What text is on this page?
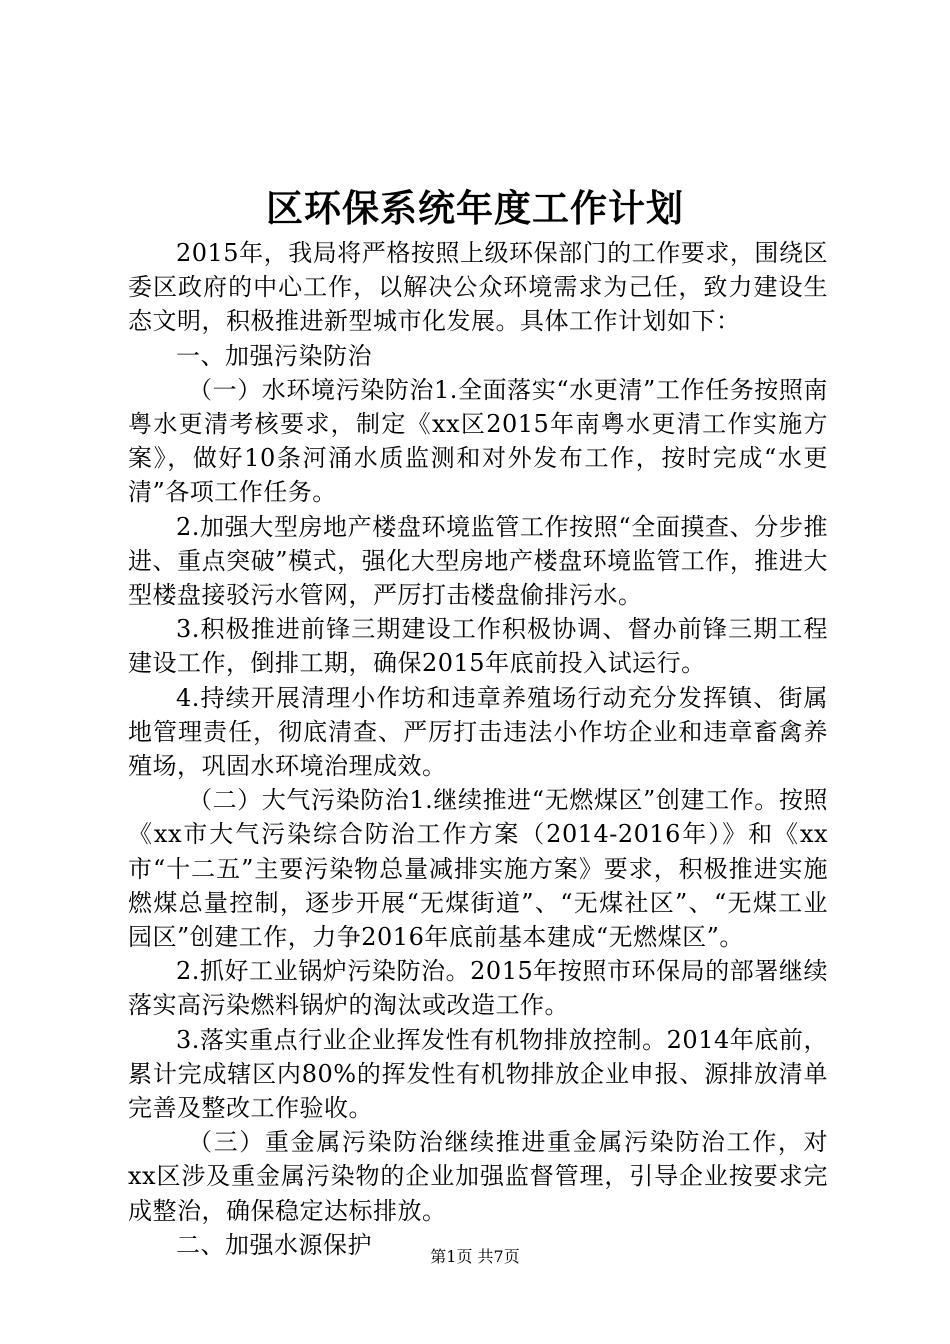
区环保系统年度工作计划

2015年，我局将严格按照上级环保部门的工作要求，围绕区委区政府的中心工作，以解决公众环境需求为己任，致力建设生态文明，积极推进新型城市化发展。具体工作计划如下：

一、加强污染防治

（一）水环境污染防治1.全面落实“水更清”工作任务按照南粤水更清考核要求，制定《xx区2015年南粤水更清工作实施方案》，做好10条河涌水质监测和对外发布工作，按时完成“水更清”各项工作任务。

2.加强大型房地产楼盘环境监管工作按照“全面摸查、分步推进、重点突破”模式，强化大型房地产楼盘环境监管工作，推进大型楼盘接驳污水管网，严厉打击楼盘偷排污水。

3.积极推进前锋三期建设工作积极协调、督办前锋三期工程建设工作，倒排工期，确保2015年底前投入试运行。

4.持续开展清理小作坊和违章养殖场行动充分发挥镇、街属地管理责任，彻底清查、严厉打击违法小作坊企业和违章畜禽养殖场，巩固水环境治理成效。

（二）大气污染防治1.继续推进“无燃煤区”创建工作。按照《xx市大气污染综合防治工作方案（2014-2016年）》和《xx市“十二五”主要污染物总量减排实施方案》要求，积极推进实施燃煤总量控制，逐步开展“无煤街道”、“无煤社区”、“无煤工业园区”创建工作，力争2016年底前基本建成“无燃煤区”。

2.抓好工业锅炉污染防治。2015年按照市环保局的部署继续落实高污染燃料锅炉的淘汰或改造工作。

3.落实重点行业企业挥发性有机物排放控制。2014年底前，累计完成辖区内80%的挥发性有机物排放企业申报、源排放清单完善及整改工作验收。

（三）重金属污染防治继续推进重金属污染防治工作，对xx区涉及重金属污染物的企业加强监督管理，引导企业按要求完成整治，确保稳定达标排放。

二、加强水源保护	第1页 共7页
